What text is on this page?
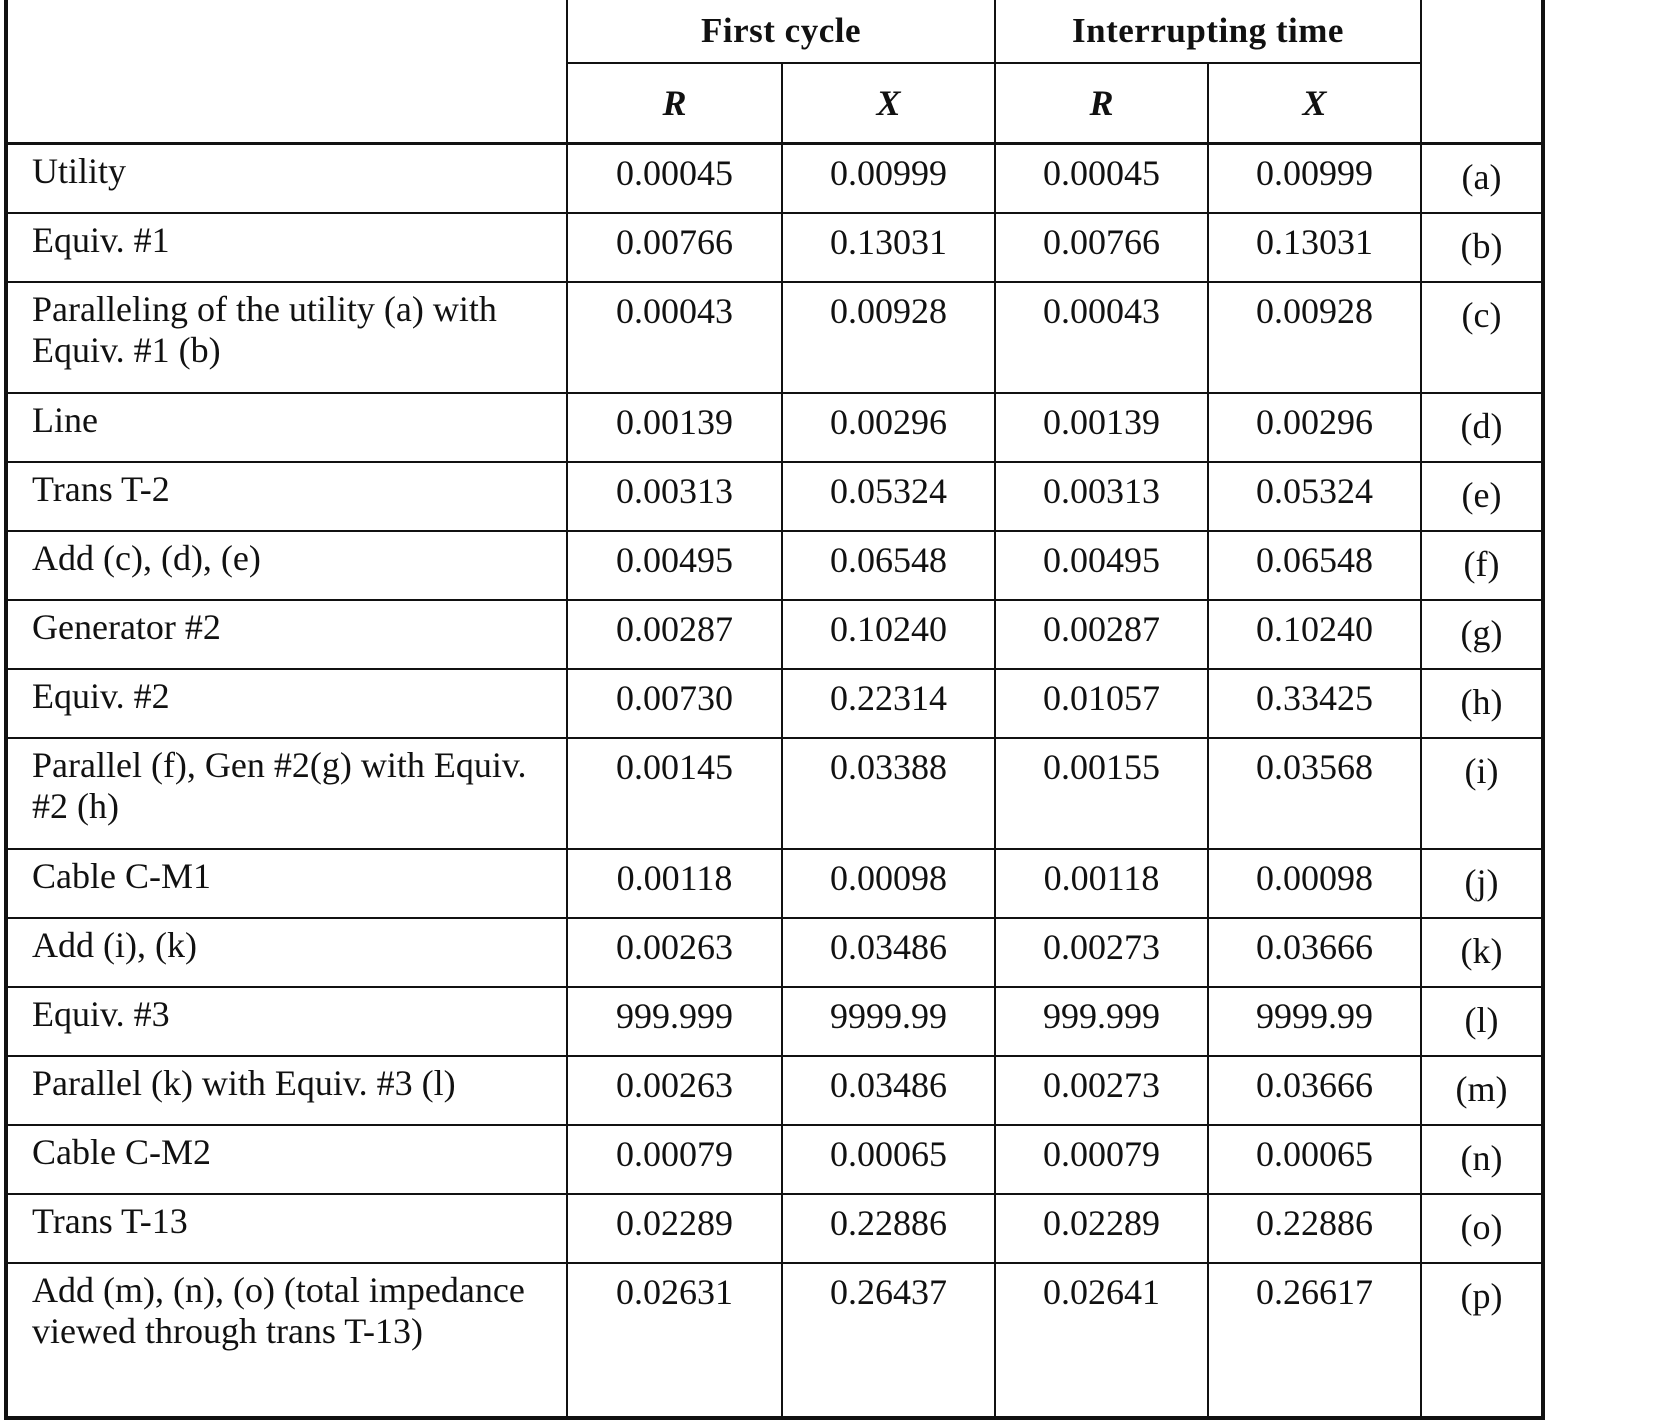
	First cycle		Interrupting time		
	R	X	R	X	
Utility	0.00045	0.00999	0.00045	0.00999	(a)
Equiv. #1	0.00766	0.13031	0.00766	0.13031	(b)
Paralleling of the utility (a) with Equiv. #1 (b)	0.00043	0.00928	0.00043	0.00928	(c)
Line	0.00139	0.00296	0.00139	0.00296	(d)
Trans T-2	0.00313	0.05324	0.00313	0.05324	(e)
Add (c), (d), (e)	0.00495	0.06548	0.00495	0.06548	(f)
Generator #2	0.00287	0.10240	0.00287	0.10240	(g)
Equiv. #2	0.00730	0.22314	0.01057	0.33425	(h)
Parallel (f), Gen #2(g) with Equiv. #2 (h)	0.00145	0.03388	0.00155	0.03568	(i)
Cable C-M1	0.00118	0.00098	0.00118	0.00098	(j)
Add (i), (k)	0.00263	0.03486	0.00273	0.03666	(k)
Equiv. #3	999.999	9999.99	999.999	9999.99	(l)
Parallel (k) with Equiv. #3 (l)	0.00263	0.03486	0.00273	0.03666	(m)
Cable C-M2	0.00079	0.00065	0.00079	0.00065	(n)
Trans T-13	0.02289	0.22886	0.02289	0.22886	(o)
Add (m), (n), (o) (total impedance viewed through trans T-13)	0.02631	0.26437	0.02641	0.26617	(p)
